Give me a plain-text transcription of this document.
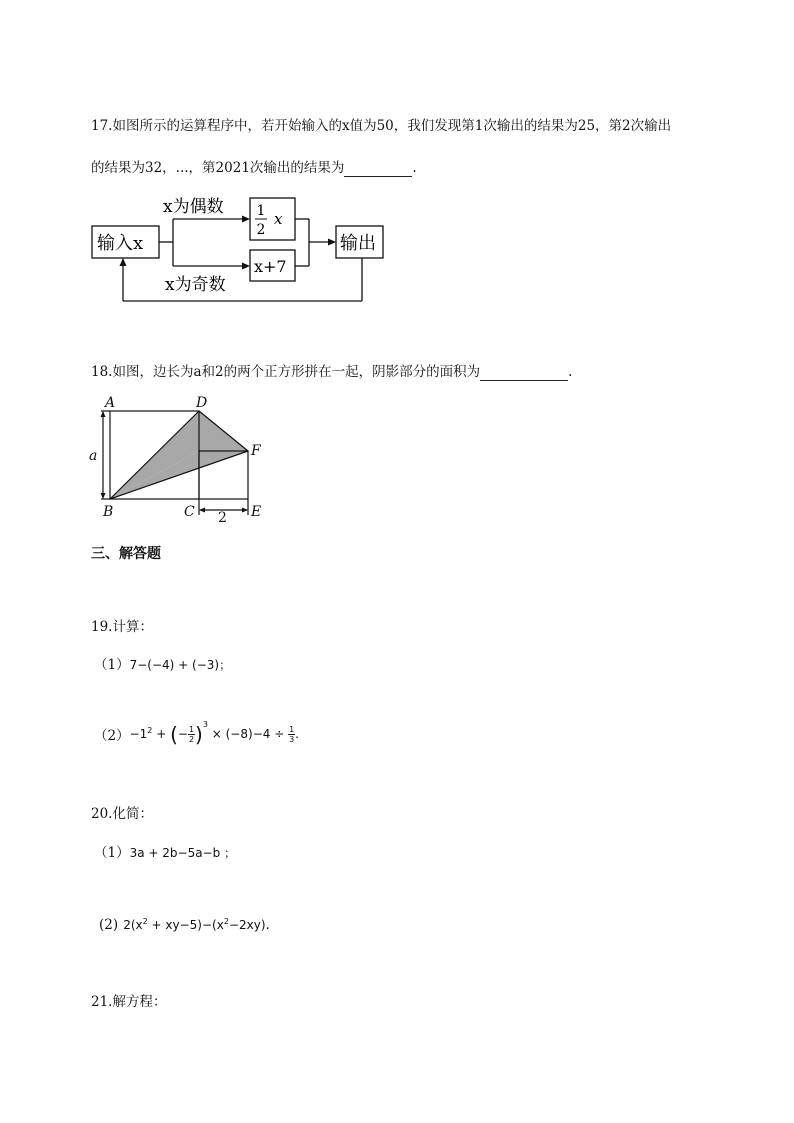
17.如图所示的运算程序中，若开始输入的x值为50，我们发现第1次输出的结果为25，第2次输出
的结果为32，...，第2021次输出的结果为	.
输入x
x为偶数
x为奇数
1
2
x
x+7
输出
18.如图，边长为a和2的两个正方形拼在一起，阴影部分的面积为	.
A	D
F
B	C	E
a
2
三、解答题
19.计算：
（1）7−(−4) + (−3)；
$(2)-1^2$ + (− $\frac{1}{2} )^3 \times (-8)-4 \div \frac{1}{3}$ .
20.化简：
（1）3a + 2b−5a−b ；
(2) $2(x^2 + xy-5)-(x^2-2xy)$.
21.解方程：
